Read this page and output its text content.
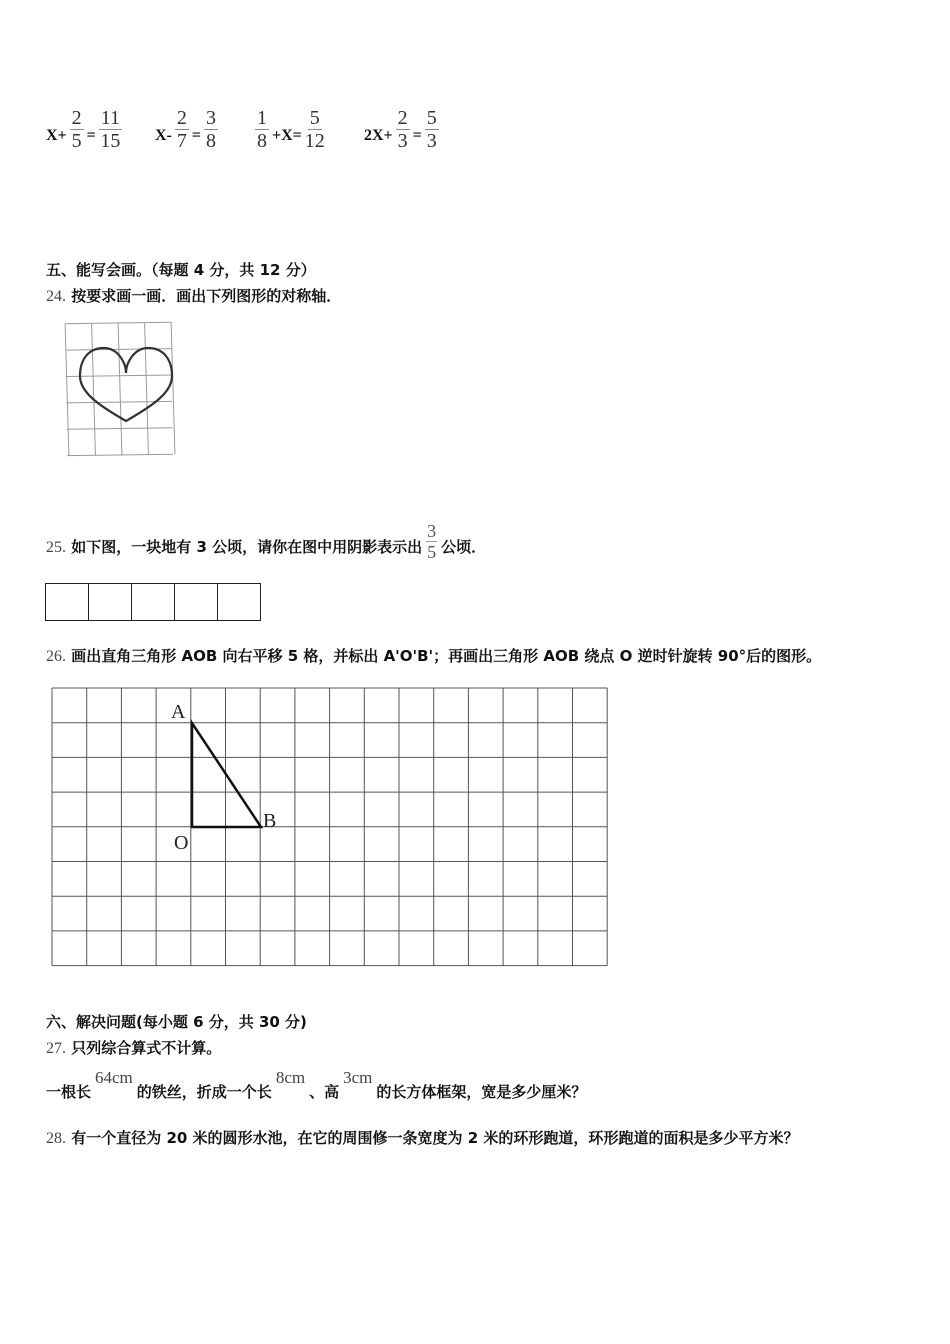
$X+ \frac{2}{5} = \frac{11}{15} X- \frac{2}{7} = \frac{3}{8} \frac{1}{8} +X= \frac{5}{12} 2X+ \frac{2}{3} = \frac{5}{3}$
五、能写会画。（每题 4 分，共 12 分）
24. 按要求画一画．画出下列图形的对称轴．
25. 如下图，一块地有 3 公顷，请你在图中用阴影表示出 $\frac{3}{5}$ 公顷．
26. 画出直角三角形 AOB 向右平移 5 格，并标出 A'O'B'；再画出三角形 AOB 绕点 O 逆时针旋转 90°后的图形。
A
O
B
六、解决问题(每小题 6 分，共 30 分)
27. 只列综合算式不计算。
一根长64cm的铁丝，折成一个长8cm、高3cm的长方体框架，宽是多少厘米？
28. 有一个直径为 20 米的圆形水池，在它的周围修一条宽度为 2 米的环形跑道，环形跑道的面积是多少平方米？
